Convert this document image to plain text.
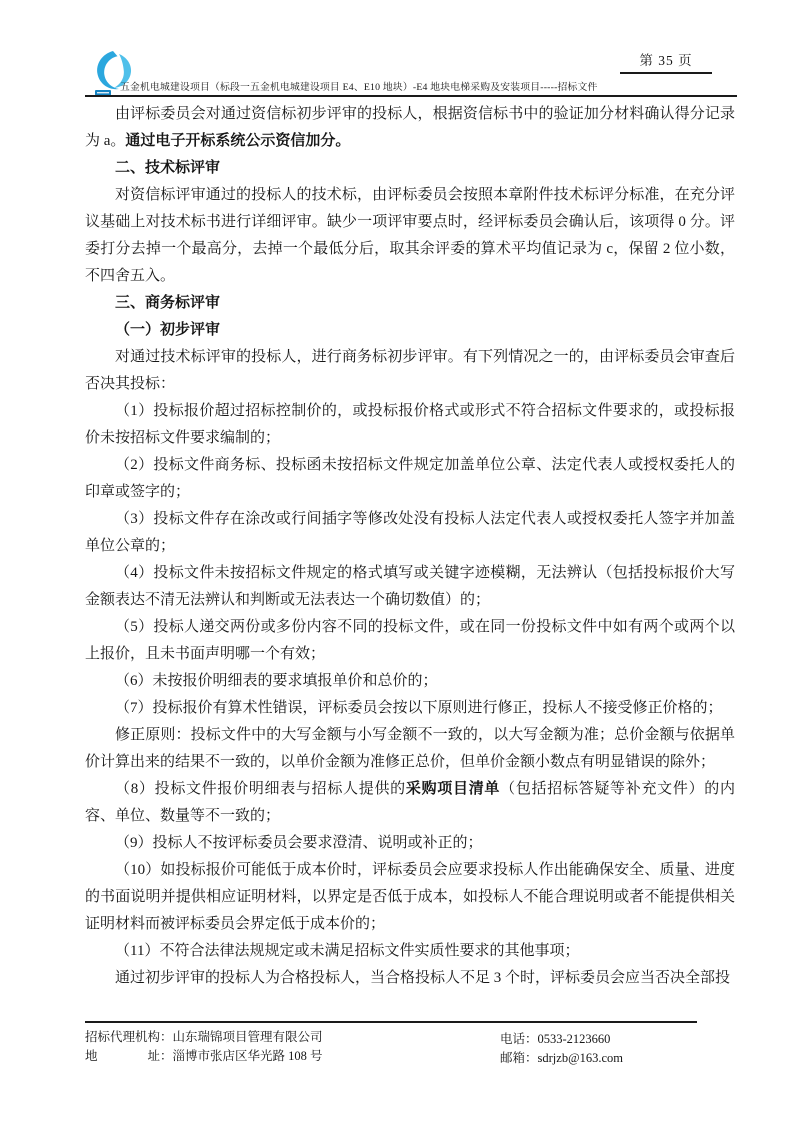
第 35 页
五金机电城建设项目（标段一五金机电城建设项目 E4、E10 地块）-E4 地块电梯采购及安装项目-----招标文件

由评标委员会对通过资信标初步评审的投标人，根据资信标书中的验证加分材料确认得分记录为 a。通过电子开标系统公示资信加分。

二、技术标评审

对资信标评审通过的投标人的技术标，由评标委员会按照本章附件技术标评分标准，在充分评议基础上对技术标书进行详细评审。缺少一项评审要点时，经评标委员会确认后，该项得 0 分。评委打分去掉一个最高分，去掉一个最低分后，取其余评委的算术平均值记录为 c，保留 2 位小数，不四舍五入。

三、商务标评审

（一）初步评审

对通过技术标评审的投标人，进行商务标初步评审。有下列情况之一的，由评标委员会审查后否决其投标：

（1）投标报价超过招标控制价的，或投标报价格式或形式不符合招标文件要求的，或投标报价未按招标文件要求编制的；

（2）投标文件商务标、投标函未按招标文件规定加盖单位公章、法定代表人或授权委托人的印章或签字的；

（3）投标文件存在涂改或行间插字等修改处没有投标人法定代表人或授权委托人签字并加盖单位公章的；

（4）投标文件未按招标文件规定的格式填写或关键字迹模糊，无法辨认（包括投标报价大写金额表达不清无法辨认和判断或无法表达一个确切数值）的；

（5）投标人递交两份或多份内容不同的投标文件，或在同一份投标文件中如有两个或两个以上报价，且未书面声明哪一个有效；

（6）未按报价明细表的要求填报单价和总价的；

（7）投标报价有算术性错误，评标委员会按以下原则进行修正，投标人不接受修正价格的；

修正原则：投标文件中的大写金额与小写金额不一致的，以大写金额为准；总价金额与依据单价计算出来的结果不一致的，以单价金额为准修正总价，但单价金额小数点有明显错误的除外；

（8）投标文件报价明细表与招标人提供的采购项目清单（包括招标答疑等补充文件）的内容、单位、数量等不一致的；

（9）投标人不按评标委员会要求澄清、说明或补正的；

（10）如投标报价可能低于成本价时，评标委员会应要求投标人作出能确保安全、质量、进度的书面说明并提供相应证明材料，以界定是否低于成本，如投标人不能合理说明或者不能提供相关证明材料而被评标委员会界定低于成本价的；

（11）不符合法律法规规定或未满足招标文件实质性要求的其他事项；

通过初步评审的投标人为合格投标人，当合格投标人不足 3 个时，评标委员会应当否决全部投

招标代理机构：山东瑞锦项目管理有限公司
地　　　　址：淄博市张店区华光路 108 号
电话：0533-2123660
邮箱：sdrjzb@163.com
